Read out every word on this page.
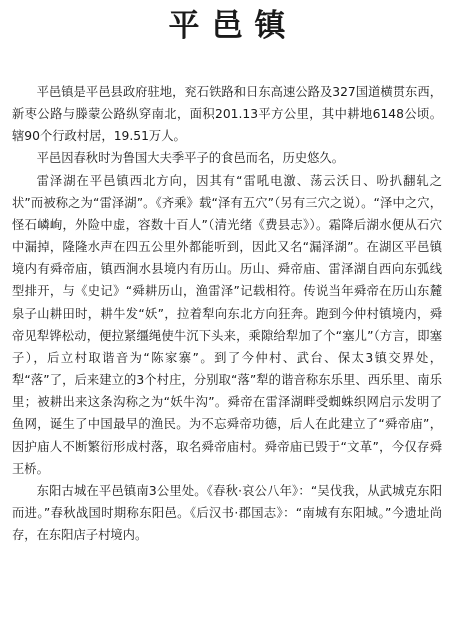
平邑镇

平邑镇是平邑县政府驻地，兖石铁路和日东高速公路及327国道横贯东西，新枣公路与滕蒙公路纵穿南北，面积201.13平方公里，其中耕地6148公顷。辖90个行政村居，19.51万人。

平邑因春秋时为鲁国大夫季平子的食邑而名，历史悠久。

雷泽湖在平邑镇西北方向，因其有“雷吼电激、荡云沃日、吩扒翻轧之状”而被称之为“雷泽湖”。《齐乘》载“泽有五穴”（另有三穴之说）。“泽中之穴，怪石嶙峋，外险中虚，容数十百人”（清光绪《费县志》）。霜降后湖水便从石穴中漏掉，隆隆水声在四五公里外都能听到，因此又名“漏泽湖”。在湖区平邑镇境内有舜帝庙，镇西涧水县境内有历山。历山、舜帝庙、雷泽湖自西向东弧线型排开，与《史记》“舜耕历山，渔雷泽”记载相符。传说当年舜帝在历山东麓泉子山耕田时，耕牛发“妖”，拉着犁向东北方向狂奔。跑到今仲村镇境内，舜帝见犁铧松动，便拉紧缰绳使牛沉下头来，乘隙给犁加了个“塞儿”（方言，即塞子），后立村取谐音为“陈家寨”。到了今仲村、武台、保太3镇交界处，犁“落”了，后来建立的3个村庄，分别取“落”犁的谐音称东乐里、西乐里、南乐里；被耕出来这条沟称之为“妖牛沟”。舜帝在雷泽湖畔受蜘蛛织网启示发明了鱼网，诞生了中国最早的渔民。为不忘舜帝功德，后人在此建立了“舜帝庙”，因护庙人不断繁衍形成村落，取名舜帝庙村。舜帝庙已毁于“文革”，今仅存舜王桥。

东阳古城在平邑镇南3公里处。《春秋·哀公八年》：“吴伐我，从武城克东阳而进。”春秋战国时期称东阳邑。《后汉书·郡国志》：“南城有东阳城。”今遗址尚存，在东阳店子村境内。
